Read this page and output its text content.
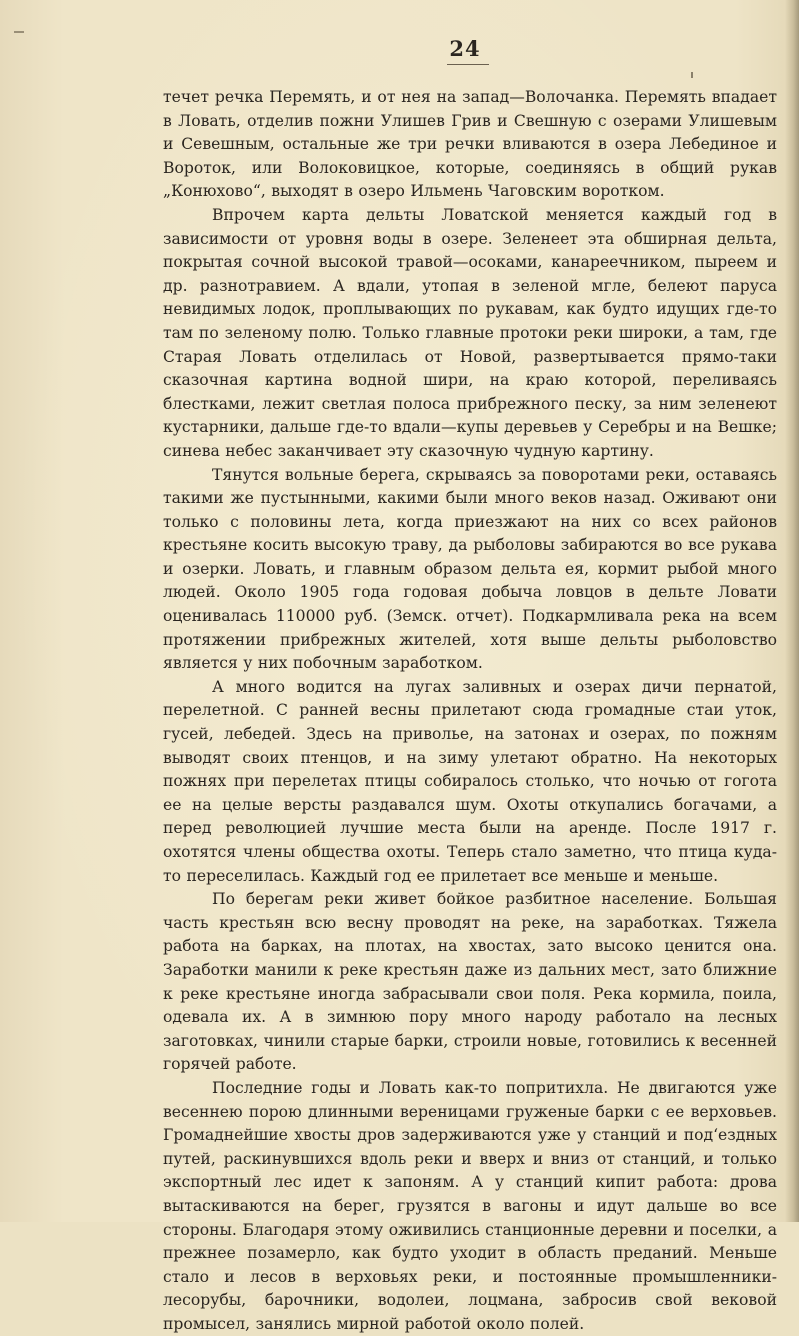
24

течет речка Перемять, и от нея на запад—Волочанка. Перемять впадает в Ловать, отделив пожни Улишев Грив и Свешную с озерами Улишевым и Севешным, остальные же три речки вливаются в озера Лебединое и Вороток, или Волоковицкое, которые, соединяясь в общий рукав „Конюхово“, выходят в озеро Ильмень Чаговским воротком.

Впрочем карта дельты Ловатской меняется каждый год в зависимости от уровня воды в озере. Зеленеет эта обширная дельта, покрытая сочной высокой травой—осоками, канареечником, пыреем и др. разнотравием. А вдали, утопая в зеленой мгле, белеют паруса невидимых лодок, проплывающих по рукавам, как будто идущих где-то там по зеленому полю. Только главные протоки реки широки, а там, где Старая Ловать отделилась от Новой, развертывается прямо-таки сказочная картина водной шири, на краю которой, переливаясь блестками, лежит светлая полоса прибрежного песку, за ним зеленеют кустарники, дальше где-то вдали—купы деревьев у Серебры и на Вешке; синева небес заканчивает эту сказочную чудную картину.

Тянутся вольные берега, скрываясь за поворотами реки, оставаясь такими же пустынными, какими были много веков назад. Оживают они только с половины лета, когда приезжают на них со всех районов крестьяне косить высокую траву, да рыболовы забираются во все рукава и озерки. Ловать, и главным образом дельта ея, кормит рыбой много людей. Около 1905 года годовая добыча ловцов в дельте Ловати оценивалась 110000 руб. (Земск. отчет). Подкармливала река на всем протяжении прибрежных жителей, хотя выше дельты рыболовство является у них побочным заработком.

А много водится на лугах заливных и озерах дичи пернатой, перелетной. С ранней весны прилетают сюда громадные стаи уток, гусей, лебедей. Здесь на приволье, на затонах и озерах, по пожням выводят своих птенцов, и на зиму улетают обратно. На некоторых пожнях при перелетах птицы собиралось столько, что ночью от гогота ее на целые версты раздавался шум. Охоты откупались богачами, а перед революцией лучшие места были на аренде. После 1917 г. охотятся члены общества охоты. Теперь стало заметно, что птица куда-то переселилась. Каждый год ее прилетает все меньше и меньше.

По берегам реки живет бойкое разбитное население. Большая часть крестьян всю весну проводят на реке, на заработках. Тяжела работа на барках, на плотах, на хвостах, зато высоко ценится она. Заработки манили к реке крестьян даже из дальних мест, зато ближние к реке крестьяне иногда забрасывали свои поля. Река кормила, поила, одевала их. А в зимнюю пору много народу работало на лесных заготовках, чинили старые барки, строили новые, готовились к весенней горячей работе.

Последние годы и Ловать как-то попритихла. Не двигаются уже весеннею порою длинными вереницами груженые барки с ее верховьев. Громаднейшие хвосты дров задерживаются уже у станций и под‘ездных путей, раскинувшихся вдоль реки и вверх и вниз от станций, и только экспортный лес идет к запоням. А у станций кипит работа: дрова вытаскиваются на берег, грузятся в вагоны и идут дальше во все стороны. Благодаря этому оживились станционные деревни и поселки, а прежнее позамерло, как будто уходит в область преданий. Меньше стало и лесов в верховьях реки, и постоянные промышленники-лесорубы, барочники, водолеи, лоцмана, забросив свой вековой промысел, занялись мирной работой около полей.
